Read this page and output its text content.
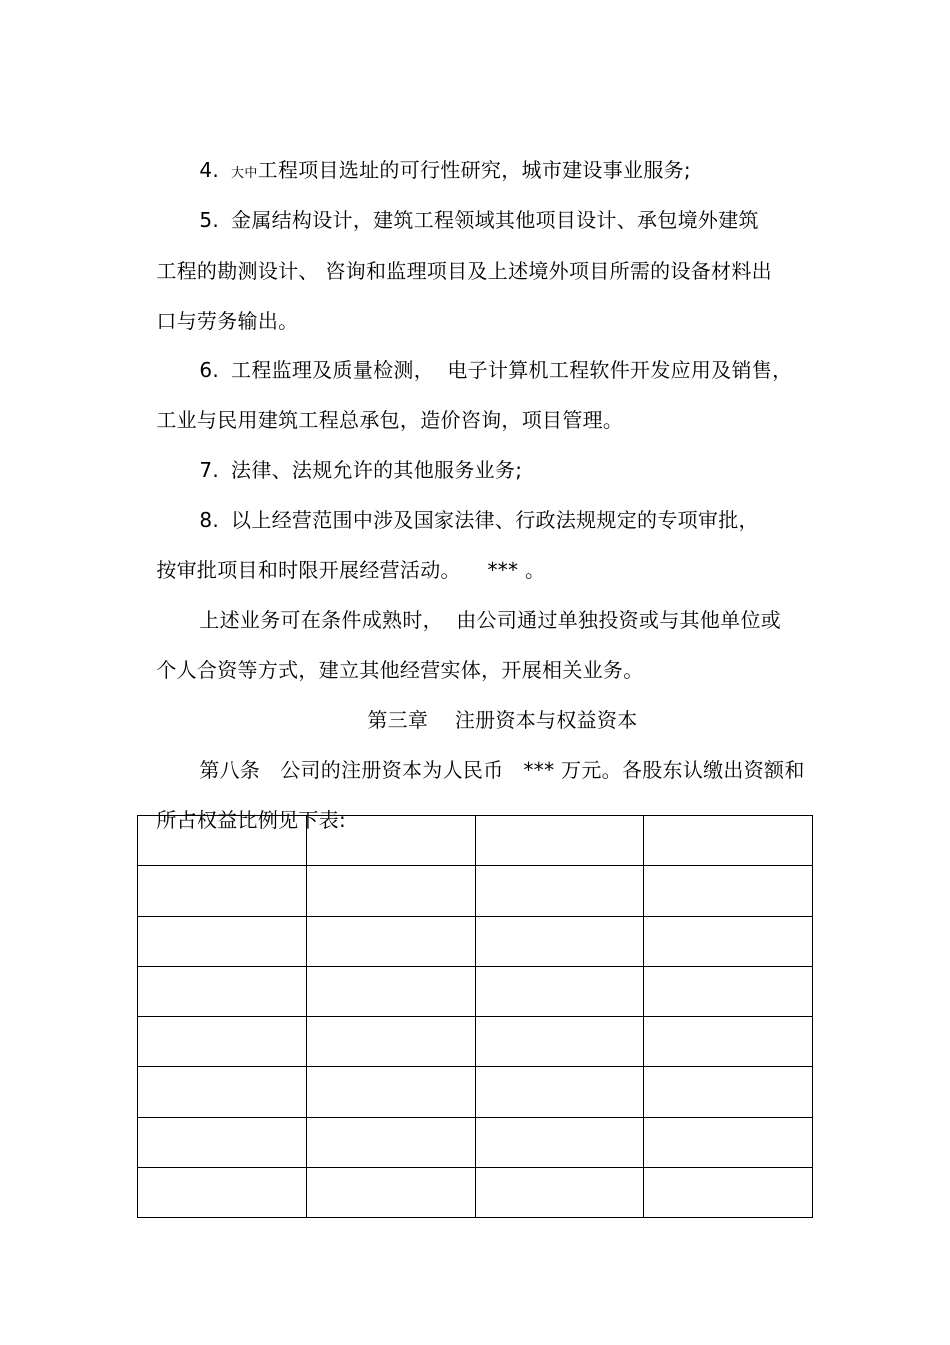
4. 大中工程项目选址的可行性研究，城市建设事业服务;

5. 金属结构设计，建筑工程领域其他项目设计、承包境外建筑

工程的勘测设计、 咨询和监理项目及上述境外项目所需的设备材料出

口与劳务输出。

6. 工程监理及质量检测，  电子计算机工程软件开发应用及销售，

工业与民用建筑工程总承包，造价咨询，项目管理。

7. 法律、法规允许的其他服务业务;

8. 以上经营范围中涉及国家法律、行政法规规定的专项审批，

按审批项目和时限开展经营活动。    *** 。

上述业务可在条件成熟时，  由公司通过单独投资或与其他单位或

个人合资等方式，建立其他经营实体，开展相关业务。

第三章    注册资本与权益资本

第八条   公司的注册资本为人民币   *** 万元。各股东认缴出资额和

所占权益比例见下表:
